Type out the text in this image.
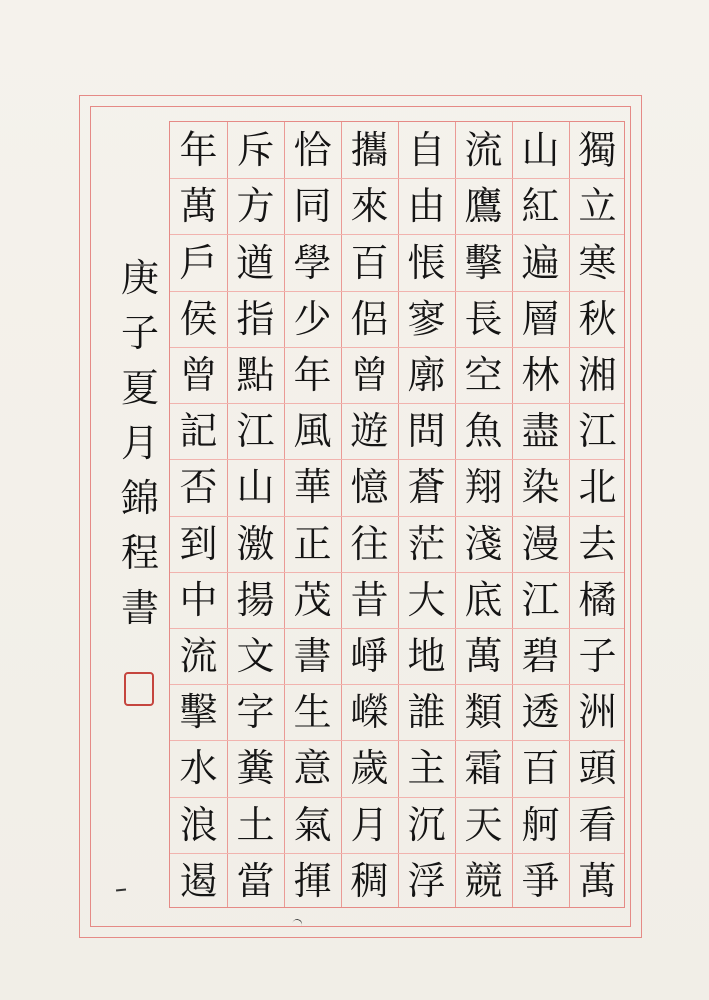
獨
立
寒
秋
湘
江
北
去
橘
子
洲
頭
看
萬
山
紅
遍
層
林
盡
染
漫
江
碧
透
百
舸
爭
流
鷹
擊
長
空
魚
翔
淺
底
萬
類
霜
天
競
自
由
悵
寥
廓
問
蒼
茫
大
地
誰
主
沉
浮
攜
來
百
侶
曾
遊
憶
往
昔
崢
嶸
歲
月
稠
恰
同
學
少
年
風
華
正
茂
書
生
意
氣
揮
斥
方
遒
指
點
江
山
激
揚
文
字
糞
土
當
年
萬
戶
侯
曾
記
否
到
中
流
擊
水
浪
遏
庚
子
夏
月
錦
程
書
